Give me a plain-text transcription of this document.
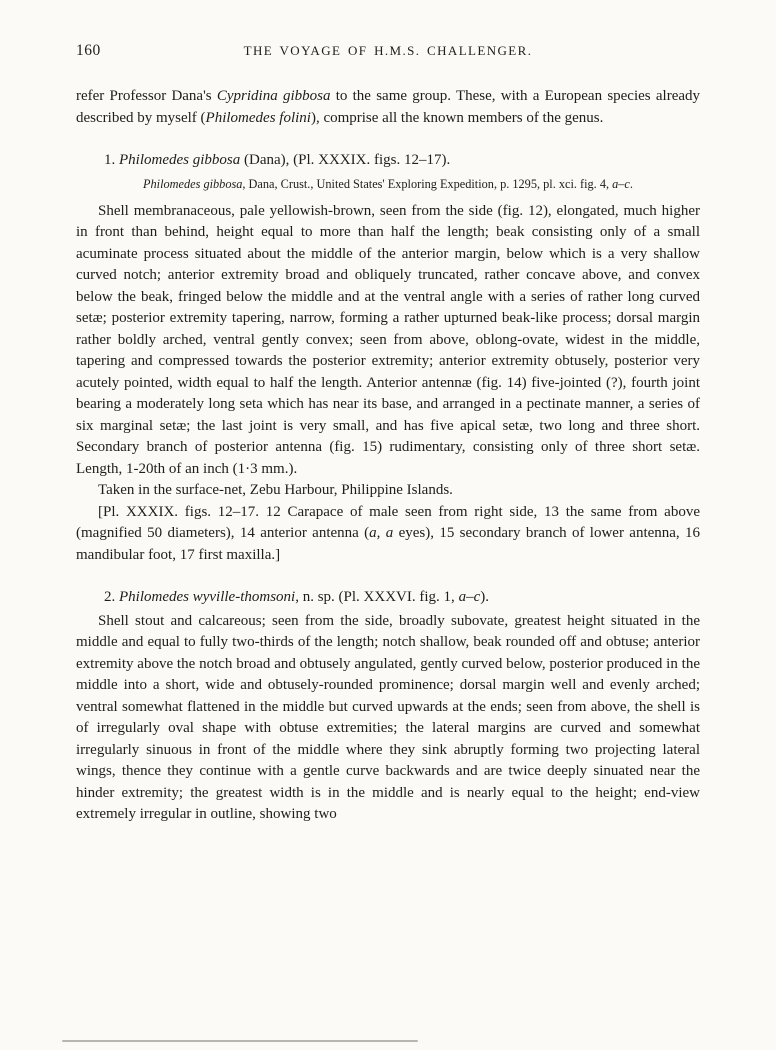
160	THE VOYAGE OF H.M.S. CHALLENGER.

refer Professor Dana's Cypridina gibbosa to the same group. These, with a European species already described by myself (Philomedes folini), comprise all the known members of the genus.

1. Philomedes gibbosa (Dana), (Pl. XXXIX. figs. 12–17).

Philomedes gibbosa, Dana, Crust., United States' Exploring Expedition, p. 1295, pl. xci. fig. 4, a–c.

Shell membranaceous, pale yellowish-brown, seen from the side (fig. 12), elongated, much higher in front than behind, height equal to more than half the length; beak consisting only of a small acuminate process situated about the middle of the anterior margin, below which is a very shallow curved notch; anterior extremity broad and obliquely truncated, rather concave above, and convex below the beak, fringed below the middle and at the ventral angle with a series of rather long curved setæ; posterior extremity tapering, narrow, forming a rather upturned beak-like process; dorsal margin rather boldly arched, ventral gently convex; seen from above, oblong-ovate, widest in the middle, tapering and compressed towards the posterior extremity; anterior extremity obtusely, posterior very acutely pointed, width equal to half the length. Anterior antennæ (fig. 14) five-jointed (?), fourth joint bearing a moderately long seta which has near its base, and arranged in a pectinate manner, a series of six marginal setæ; the last joint is very small, and has five apical setæ, two long and three short. Secondary branch of posterior antenna (fig. 15) rudimentary, consisting only of three short setæ. Length, 1-20th of an inch (1·3 mm.).

Taken in the surface-net, Zebu Harbour, Philippine Islands.

[Pl. XXXIX. figs. 12–17. 12 Carapace of male seen from right side, 13 the same from above (magnified 50 diameters), 14 anterior antenna (a, a eyes), 15 secondary branch of lower antenna, 16 mandibular foot, 17 first maxilla.]

2. Philomedes wyville-thomsoni, n. sp. (Pl. XXXVI. fig. 1, a–c).

Shell stout and calcareous; seen from the side, broadly subovate, greatest height situated in the middle and equal to fully two-thirds of the length; notch shallow, beak rounded off and obtuse; anterior extremity above the notch broad and obtusely angulated, gently curved below, posterior produced in the middle into a short, wide and obtusely-rounded prominence; dorsal margin well and evenly arched; ventral somewhat flattened in the middle but curved upwards at the ends; seen from above, the shell is of irregularly oval shape with obtuse extremities; the lateral margins are curved and somewhat irregularly sinuous in front of the middle where they sink abruptly forming two projecting lateral wings, thence they continue with a gentle curve backwards and are twice deeply sinuated near the hinder extremity; the greatest width is in the middle and is nearly equal to the height; end-view extremely irregular in outline, showing two
